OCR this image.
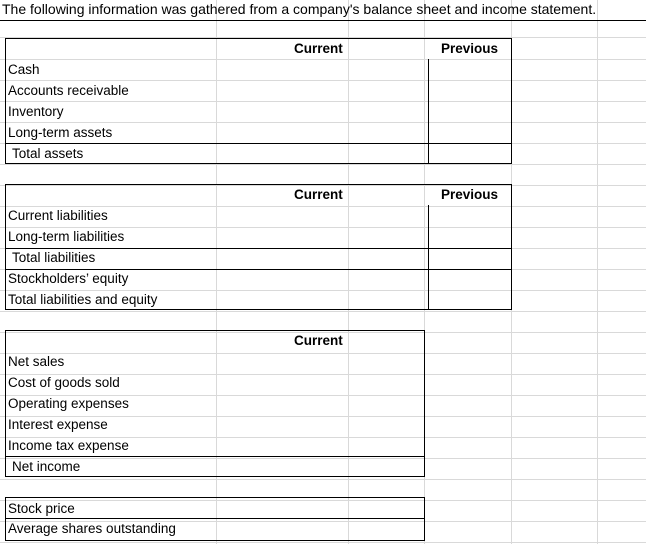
The following information was gathered from a company's balance sheet and income statement.
Current	Previous
Cash
Accounts receivable
Inventory
Long-term assets
Total assets
Current	Previous
Current liabilities
Long-term liabilities
Total liabilities
Stockholders’ equity
Total liabilities and equity
Current
Net sales
Cost of goods sold
Operating expenses
Interest expense
Income tax expense
Net income
Stock price
Average shares outstanding
